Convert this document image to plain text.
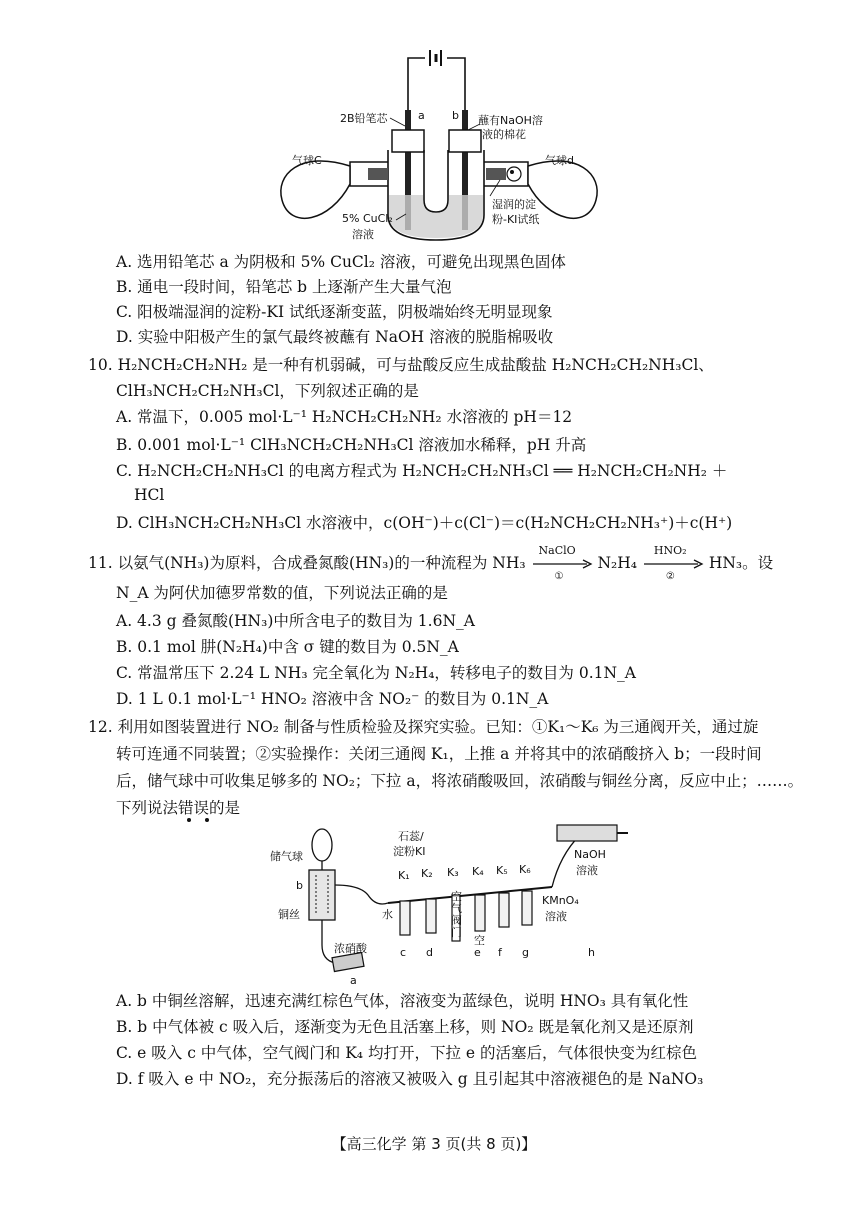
2B铅笔芯	a b 蘸有NaOH溶
液的棉花
气球C	气球d
5% CuCl₂
溶液
湿润的淀
粉-KI试纸
A. 选用铅笔芯 a 为阴极和 5% CuCl₂ 溶液，可避免出现黑色固体
B. 通电一段时间，铅笔芯 b 上逐渐产生大量气泡
C. 阳极端湿润的淀粉-KI 试纸逐渐变蓝，阴极端始终无明显现象
D. 实验中阳极产生的氯气最终被蘸有 NaOH 溶液的脱脂棉吸收
10. H₂NCH₂CH₂NH₂ 是一种有机弱碱，可与盐酸反应生成盐酸盐 H₂NCH₂CH₂NH₃Cl、
ClH₃NCH₂CH₂NH₃Cl，下列叙述正确的是
A. 常温下，0.005 mol·L⁻¹ H₂NCH₂CH₂NH₂ 水溶液的 pH＝12
B. 0.001 mol·L⁻¹ ClH₃NCH₂CH₂NH₃Cl 溶液加水稀释，pH 升高
C. H₂NCH₂CH₂NH₃Cl 的电离方程式为 H₂NCH₂CH₂NH₃Cl ══ H₂NCH₂CH₂NH₂ ＋
HCl
D. ClH₃NCH₂CH₂NH₃Cl 水溶液中，c(OH⁻)＋c(Cl⁻)＝c(H₂NCH₂CH₂NH₃⁺)＋c(H⁺)
11. 以氨气(NH₃)为原料，合成叠氮酸(HN₃)的一种流程为 NH₃
NaClO
①
N₂H₄
HNO₂
②
HN₃。设
N_A 为阿伏加德罗常数的值，下列说法正确的是
A. 4.3 g 叠氮酸(HN₃)中所含电子的数目为 1.6N_A
B. 0.1 mol 肼(N₂H₄)中含 σ 键的数目为 0.5N_A
C. 常温常压下 2.24 L NH₃ 完全氧化为 N₂H₄，转移电子的数目为 0.1N_A
D. 1 L 0.1 mol·L⁻¹ HNO₂ 溶液中含 NO₂⁻ 的数目为 0.1N_A
12. 利用如图装置进行 NO₂ 制备与性质检验及探究实验。已知：①K₁～K₆ 为三通阀开关，通过旋
转可连通不同装置；②实验操作：关闭三通阀 K₁，上推 a 并将其中的浓硝酸挤入 b；一段时间
后，储气球中可收集足够多的 NO₂；下拉 a，将浓硝酸吸回，浓硝酸与铜丝分离，反应中止；……。
下列说法错误的是
储气球
b
铜丝
石蕊/
淀粉KI
K₁ K₂ K₃ K₄ K₅ K₆
水
空
气
阀
门
空
KMnO₄
溶液
NaOH
溶液
浓硝酸
a
c d	e f g	h
A. b 中铜丝溶解，迅速充满红棕色气体，溶液变为蓝绿色，说明 HNO₃ 具有氧化性
B. b 中气体被 c 吸入后，逐渐变为无色且活塞上移，则 NO₂ 既是氧化剂又是还原剂
C. e 吸入 c 中气体，空气阀门和 K₄ 均打开，下拉 e 的活塞后，气体很快变为红棕色
D. f 吸入 e 中 NO₂，充分振荡后的溶液又被吸入 g 且引起其中溶液褪色的是 NaNO₃
【高三化学 第 3 页(共 8 页)】
